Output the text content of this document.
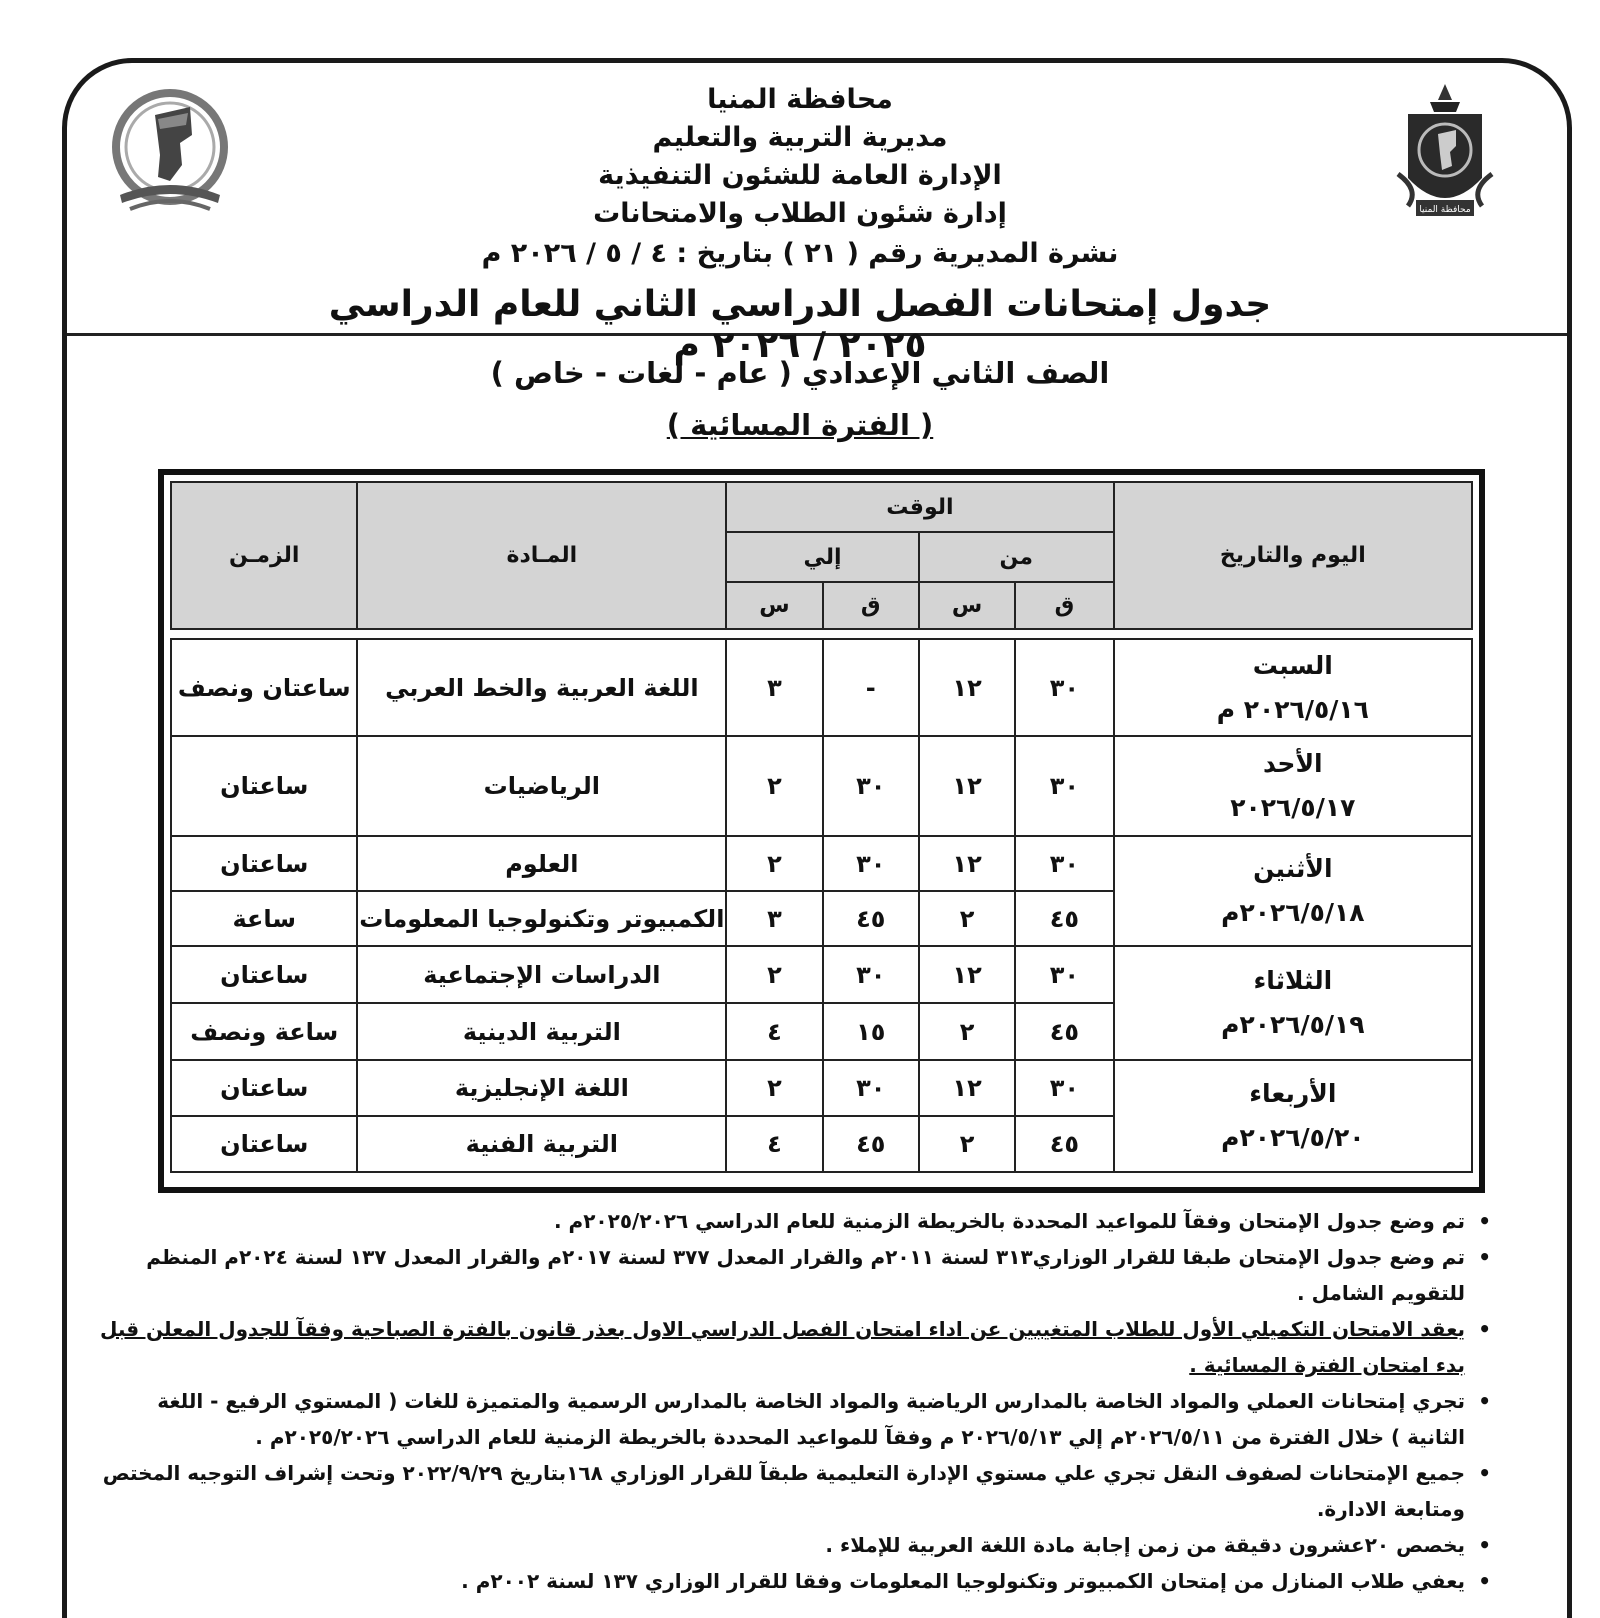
محافظة المنيا
محافظة المنيا
مديرية التربية والتعليم
الإدارة العامة للشئون التنفيذية
إدارة شئون الطلاب والامتحانات
نشرة المديرية رقم ( ٢١ ) بتاريخ : ٤ / ٥ / ٢٠٢٦ م
جدول إمتحانات الفصل الدراسي الثاني للعام الدراسي ٢٠٢٥ / ٢٠٢٦ م
الصف الثاني الإعدادي ( عام - لغات - خاص )
( الفترة المسائية )
اليوم والتاريخ	الوقت				المـادة	الزمـن
	من		إلي			
	ق	س	ق	س		

السبت
٢٠٢٦/٥/١٦ م	٣٠	١٢	-	٣	اللغة العربية والخط العربي	ساعتان ونصف

الأحد
٢٠٢٦/٥/١٧	٣٠	١٢	٣٠	٢	الرياضيات	ساعتان

الأثنين
٢٠٢٦/٥/١٨م	٣٠	١٢	٣٠	٢	العلوم	ساعتان
	٤٥	٢	٤٥	٣	الكمبيوتر وتكنولوجيا المعلومات	ساعة

الثلاثاء
٢٠٢٦/٥/١٩م	٣٠	١٢	٣٠	٢	الدراسات الإجتماعية	ساعتان
	٤٥	٢	١٥	٤	التربية الدينية	ساعة ونصف

الأربعاء
٢٠٢٦/٥/٢٠م	٣٠	١٢	٣٠	٢	اللغة الإنجليزية	ساعتان
	٤٥	٢	٤٥	٤	التربية الفنية	ساعتان
• تم وضع جدول الإمتحان وفقآ للمواعيد المحددة بالخريطة الزمنية للعام الدراسي ٢٠٢٥/٢٠٢٦م .
• تم وضع جدول الإمتحان طبقا للقرار الوزاري٣١٣ لسنة ٢٠١١م والقرار المعدل ٣٧٧ لسنة ٢٠١٧م والقرار المعدل ١٣٧ لسنة ٢٠٢٤م المنظم للتقويم الشامل .
• يعقد الامتحان التكميلي الأول للطلاب المتغيبين عن اداء امتحان الفصل الدراسي الاول بعذر قانون بالفترة الصباحية وفقآ للجدول المعلن قبل بدء امتحان الفترة المسائية .
• تجري إمتحانات العملي والمواد الخاصة بالمدارس الرياضية والمواد الخاصة بالمدارس الرسمية والمتميزة للغات ( المستوي الرفيع - اللغة الثانية ) خلال الفترة من ٢٠٢٦/٥/١١م إلي ٢٠٢٦/٥/١٣ م وفقآ للمواعيد المحددة بالخريطة الزمنية للعام الدراسي ٢٠٢٥/٢٠٢٦م .
• جميع الإمتحانات لصفوف النقل تجري علي مستوي الإدارة التعليمية طبقآ للقرار الوزاري ١٦٨بتاريخ ٢٠٢٢/٩/٢٩ وتحت إشراف التوجيه المختص ومتابعة الادارة.
• يخصص ٢٠عشرون دقيقة من زمن إجابة مادة اللغة العربية للإملاء .
• يعفي طلاب المنازل من إمتحان الكمبيوتر وتكنولوجيا المعلومات وفقا للقرار الوزاري ١٣٧ لسنة ٢٠٠٢م .
